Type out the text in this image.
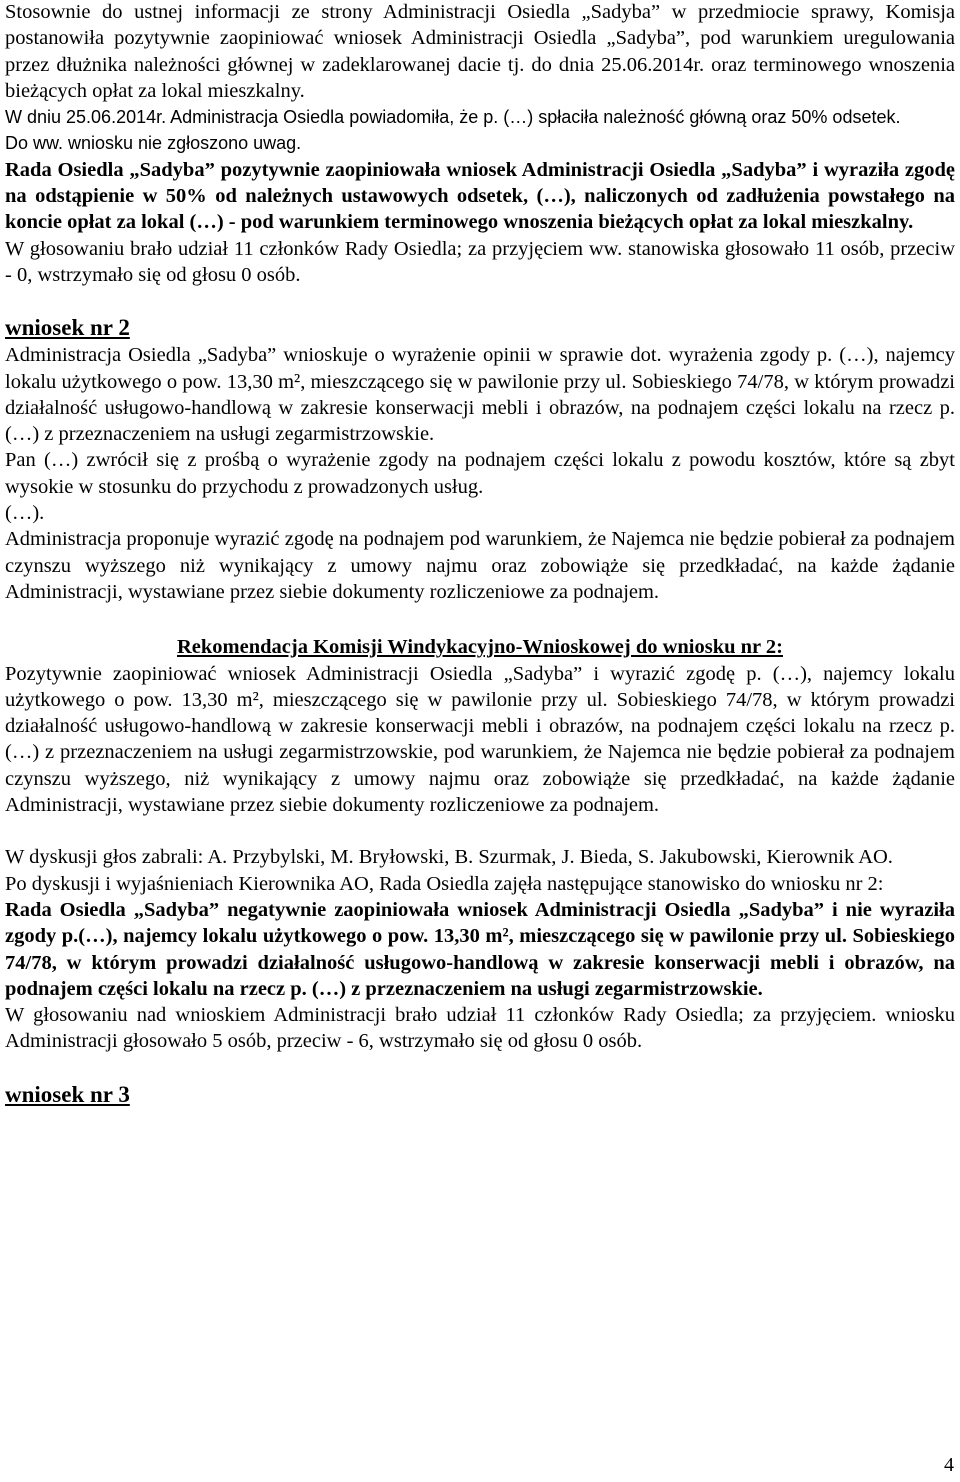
Stosownie do ustnej informacji ze strony Administracji Osiedla „Sadyba” w przedmiocie sprawy, Komisja postanowiła pozytywnie zaopiniować wniosek Administracji Osiedla „Sadyba”, pod warunkiem uregulowania przez dłużnika należności głównej w zadeklarowanej dacie tj. do dnia 25.06.2014r. oraz terminowego wnoszenia bieżących opłat za lokal mieszkalny.

W dniu 25.06.2014r. Administracja Osiedla powiadomiła, że p. (…) spłaciła należność główną oraz 50% odsetek.

Do ww. wniosku nie zgłoszono uwag.

Rada Osiedla „Sadyba” pozytywnie zaopiniowała wniosek Administracji Osiedla „Sadyba” i wyraziła zgodę na odstąpienie w 50% od należnych ustawowych odsetek, (…), naliczonych od zadłużenia powstałego na koncie opłat za lokal (…) - pod warunkiem terminowego wnoszenia bieżących opłat za lokal mieszkalny.

W głosowaniu brało udział 11 członków Rady Osiedla; za przyjęciem ww. stanowiska głosowało 11 osób, przeciw - 0, wstrzymało się od głosu 0 osób.

wniosek nr 2

Administracja Osiedla „Sadyba” wnioskuje o wyrażenie opinii w sprawie dot. wyrażenia zgody p. (…), najemcy lokalu użytkowego o pow. 13,30 m², mieszczącego się w pawilonie przy ul. Sobieskiego 74/78, w którym prowadzi działalność usługowo-handlową w zakresie konserwacji mebli i obrazów, na podnajem części lokalu na rzecz p. (…) z przeznaczeniem na usługi zegarmistrzowskie.

Pan (…) zwrócił się z prośbą o wyrażenie zgody na podnajem części lokalu z powodu kosztów, które są zbyt wysokie w stosunku do przychodu z prowadzonych usług.

(…).

Administracja proponuje wyrazić zgodę na podnajem pod warunkiem, że Najemca nie będzie pobierał za podnajem czynszu wyższego niż wynikający z umowy najmu oraz zobowiąże się przedkładać, na każde żądanie Administracji, wystawiane przez siebie dokumenty rozliczeniowe za podnajem.

Rekomendacja Komisji Windykacyjno-Wnioskowej do wniosku nr 2:

Pozytywnie zaopiniować wniosek Administracji Osiedla „Sadyba” i wyrazić zgodę p. (…), najemcy lokalu użytkowego o pow. 13,30 m², mieszczącego się w pawilonie przy ul. Sobieskiego 74/78, w którym prowadzi działalność usługowo-handlową w zakresie konserwacji mebli i obrazów, na podnajem części lokalu na rzecz p.(…) z przeznaczeniem na usługi zegarmistrzowskie, pod warunkiem, że Najemca nie będzie pobierał za podnajem czynszu wyższego, niż wynikający z umowy najmu oraz zobowiąże się przedkładać, na każde żądanie Administracji, wystawiane przez siebie dokumenty rozliczeniowe za podnajem.

W dyskusji głos zabrali: A. Przybylski, M. Bryłowski, B. Szurmak, J. Bieda, S. Jakubowski, Kierownik AO.

Po dyskusji i wyjaśnieniach Kierownika AO, Rada Osiedla zajęła następujące stanowisko do wniosku nr 2:

Rada Osiedla „Sadyba” negatywnie zaopiniowała wniosek Administracji Osiedla „Sadyba” i nie wyraziła zgody p.(…), najemcy lokalu użytkowego o pow. 13,30 m², mieszczącego się w pawilonie przy ul. Sobieskiego 74/78, w którym prowadzi działalność usługowo-handlową w zakresie konserwacji mebli i obrazów, na podnajem części lokalu na rzecz p. (…) z przeznaczeniem na usługi zegarmistrzowskie.

W głosowaniu nad wnioskiem Administracji brało udział 11 członków Rady Osiedla; za przyjęciem. wniosku Administracji głosowało 5 osób, przeciw - 6, wstrzymało się od głosu 0 osób.

wniosek nr 3

4
